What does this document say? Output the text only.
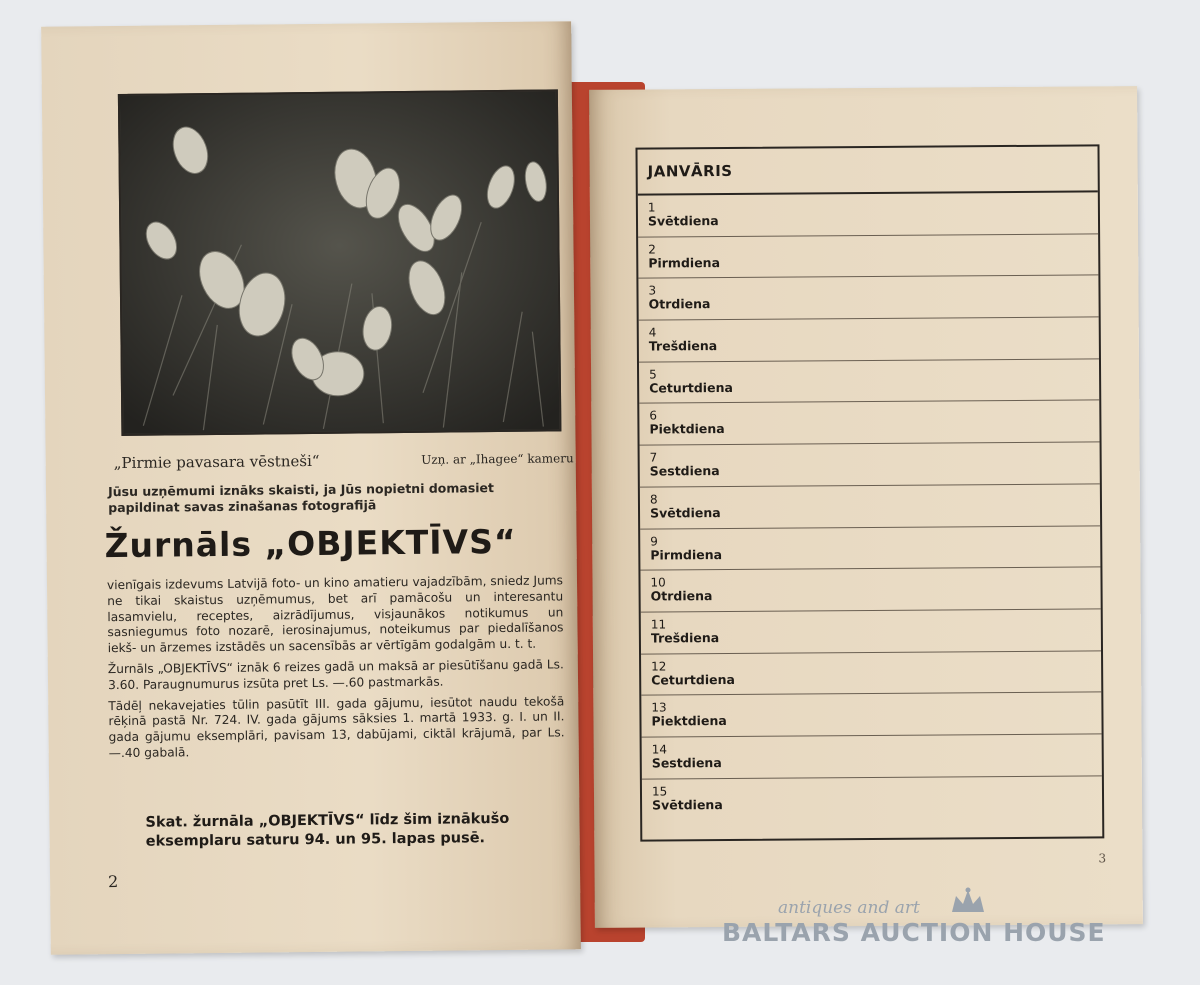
„Pirmie pavasara vēstneši“	Uzņ. ar „Ihagee“ kameru
Jūsu uzņēmumi iznāks skaisti, ja Jūs nopietni domasiet papildinat savas zinašanas fotografijā
Žurnāls „OBJEKTĪVS“

vienīgais izdevums Latvijā foto- un kino amatieru vajadzībām, sniedz Jums ne tikai skaistus uzņēmumus, bet arī pamācošu un interesantu lasamvielu, receptes, aizrādījumus, visjaunākos notikumus un sasniegumus foto nozarē, ierosinajumus, noteikumus par piedalīšanos iekš- un ārzemes izstādēs un sacensībās ar vērtīgām godalgām u. t. t.

Žurnāls „OBJEKTĪVS“ iznāk 6 reizes gadā un maksā ar piesūtīšanu gadā Ls. 3.60. Paraugnumurus izsūta pret Ls. —.60 pastmarkās.

Tādēļ nekavejaties tūlin pasūtīt III. gada gājumu, iesūtot naudu tekošā rēķinā pastā Nr. 724. IV. gada gājums sāksies 1. martā 1933. g. I. un II. gada gājumu eksemplāri, pavisam 13, dabūjami, ciktāl krājumā, par Ls. —.40 gabalā.

Skat. žurnāla „OBJEKTĪVS“ līdz šim iznākušo eksemplaru saturu 94. un 95. lapas pusē.
2
JANVĀRIS
1
Svētdiena
2
Pirmdiena
3
Otrdiena
4
Trešdiena
5
Ceturtdiena
6
Piektdiena
7
Sestdiena
8
Svētdiena
9
Pirmdiena
10
Otrdiena
11
Trešdiena
12
Ceturtdiena
13
Piektdiena
14
Sestdiena
15
Svētdiena
3
antiques and art
BALTARS AUCTION HOUSE
